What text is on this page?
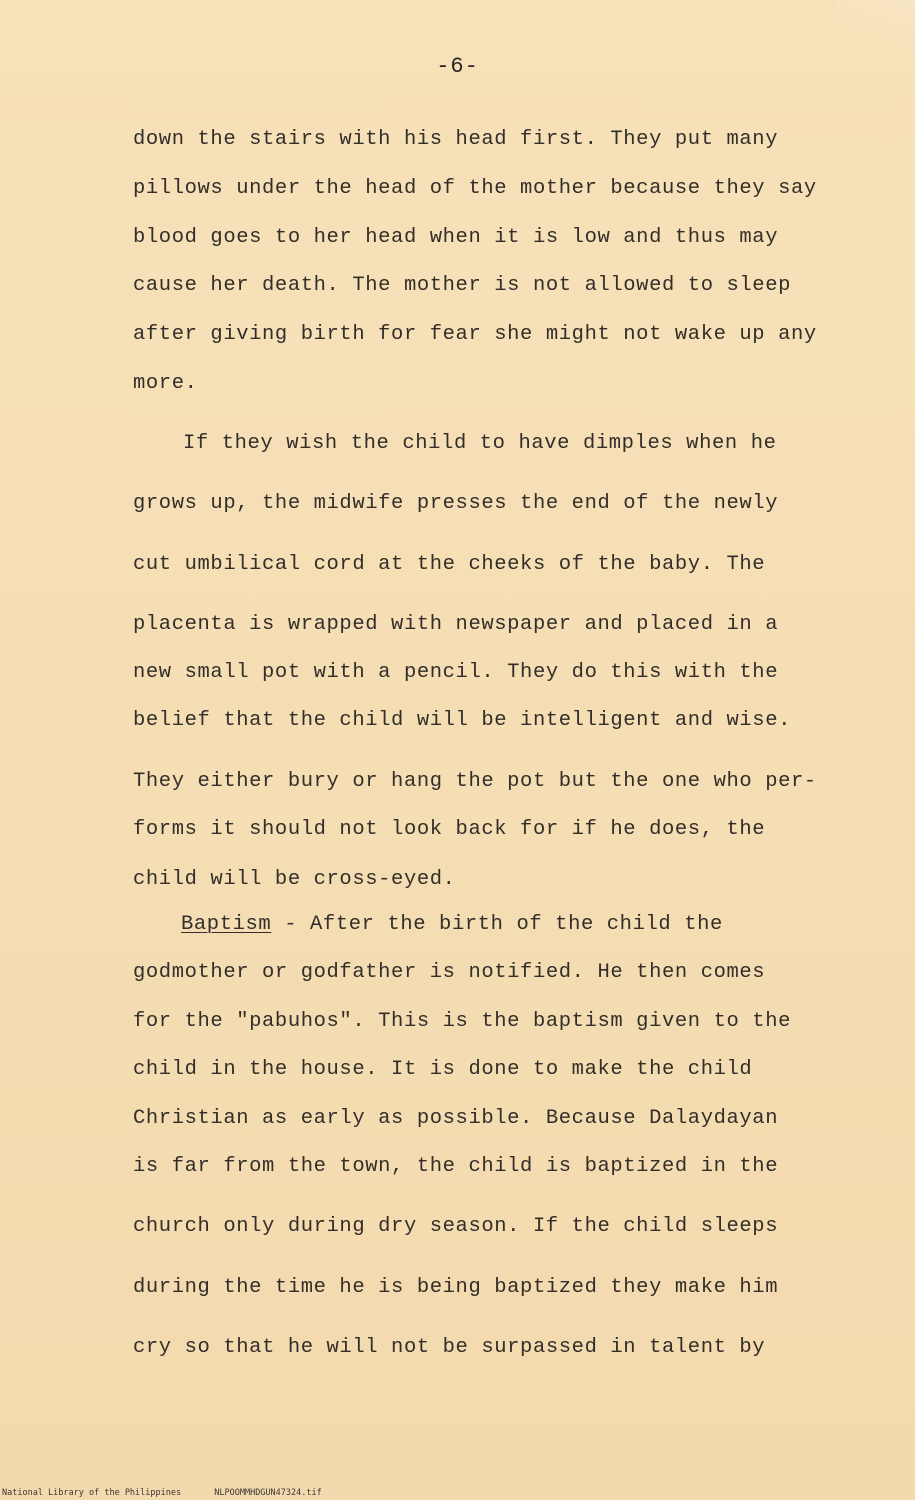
-6-
down the stairs with his head first. They put many
pillows under the head of the mother because they say
blood goes to her head when it is low and thus may
cause her death. The mother is not allowed to sleep
after giving birth for fear she might not wake up any
more.
If they wish the child to have dimples when he
grows up, the midwife presses the end of the newly
cut umbilical cord at the cheeks of the baby. The
placenta is wrapped with newspaper and placed in a
new small pot with a pencil. They do this with the
belief that the child will be intelligent and wise.
They either bury or hang the pot but the one who per-
forms it should not look back for if he does, the
child will be cross-eyed.
Baptism - After the birth of the child the
godmother or godfather is notified. He then comes
for the "pabuhos". This is the baptism given to the
child in the house. It is done to make the child
Christian as early as possible. Because Dalaydayan
is far from the town, the child is baptized in the
church only during dry season. If the child sleeps
during the time he is being baptized they make him
cry so that he will not be surpassed in talent by
National Library of the Philippines	NLPOOMMHDGUN47324.tif
